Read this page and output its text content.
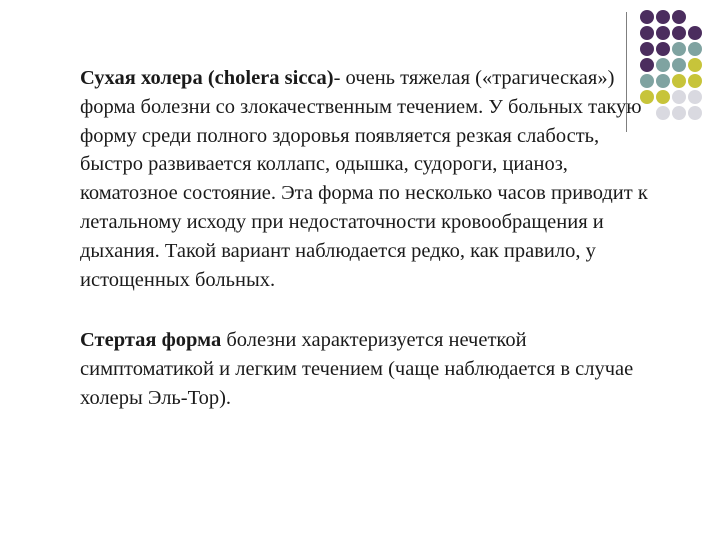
Сухая холера (cholera sicca)- очень тяжелая («трагическая») форма болезни со злокачественным течением. У больных такую форму среди полного здоровья появляется резкая слабость, быстро развивается коллапс, одышка, судороги, цианоз, коматозное состояние. Эта форма по несколько часов приводит к летальному исходу при недостаточности кровообращения и дыхания. Такой вариант наблюдается редко, как правило, у истощенных больных.

Стертая форма болезни характеризуется нечеткой симптоматикой и легким течением (чаще наблюдается в случае холеры Эль-Тор).
